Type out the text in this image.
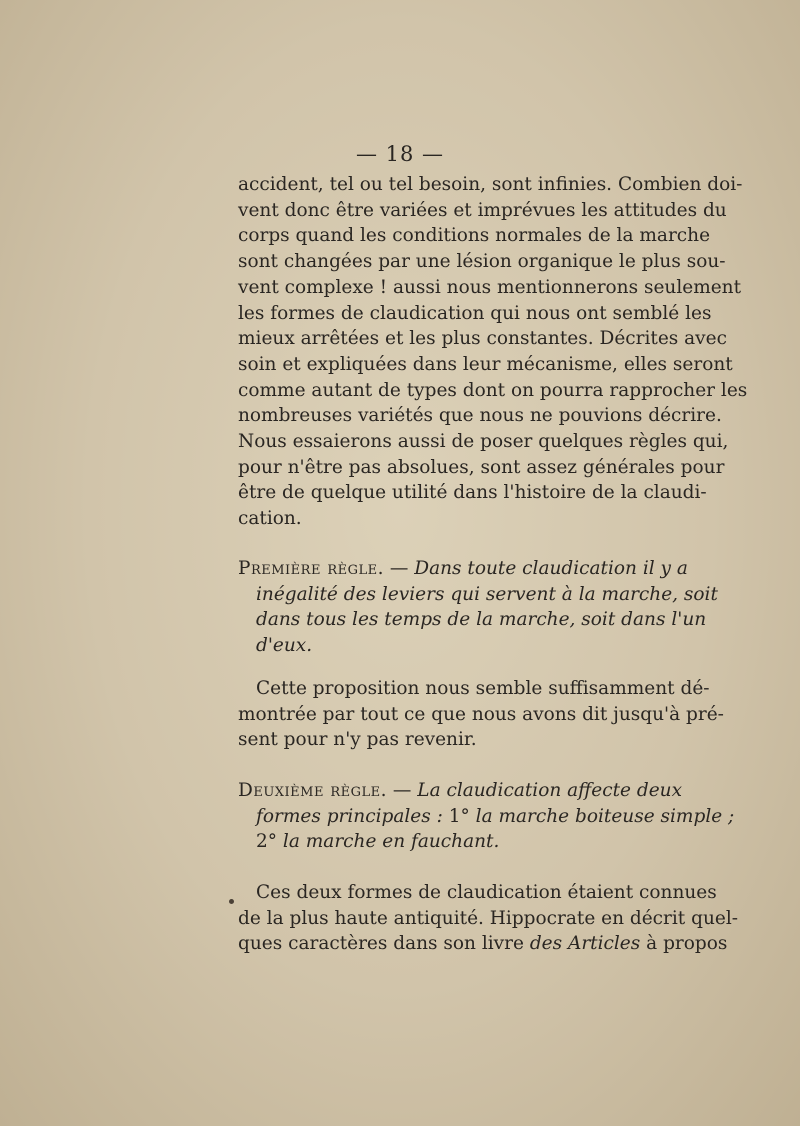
— 18 —
accident, tel ou tel besoin, sont infinies. Combien doi-
vent donc être variées et imprévues les attitudes du
corps quand les conditions normales de la marche
sont changées par une lésion organique le plus sou-
vent complexe ! aussi nous mentionnerons seulement
les formes de claudication qui nous ont semblé les
mieux arrêtées et les plus constantes. Décrites avec
soin et expliquées dans leur mécanisme, elles seront
comme autant de types dont on pourra rapprocher les
nombreuses variétés que nous ne pouvions décrire.
Nous essaierons aussi de poser quelques règles qui,
pour n'être pas absolues, sont assez générales pour
être de quelque utilité dans l'histoire de la claudi-
cation.
Première règle. — Dans toute claudication il y a
inégalité des leviers qui servent à la marche, soit
dans tous les temps de la marche, soit dans l'un
d'eux.
Cette proposition nous semble suffisamment dé-
montrée par tout ce que nous avons dit jusqu'à pré-
sent pour n'y pas revenir.
Deuxième règle. — La claudication affecte deux
formes principales : 1° la marche boiteuse simple ;
2° la marche en fauchant.
Ces deux formes de claudication étaient connues
de la plus haute antiquité. Hippocrate en décrit quel-
ques caractères dans son livre des Articles à propos
